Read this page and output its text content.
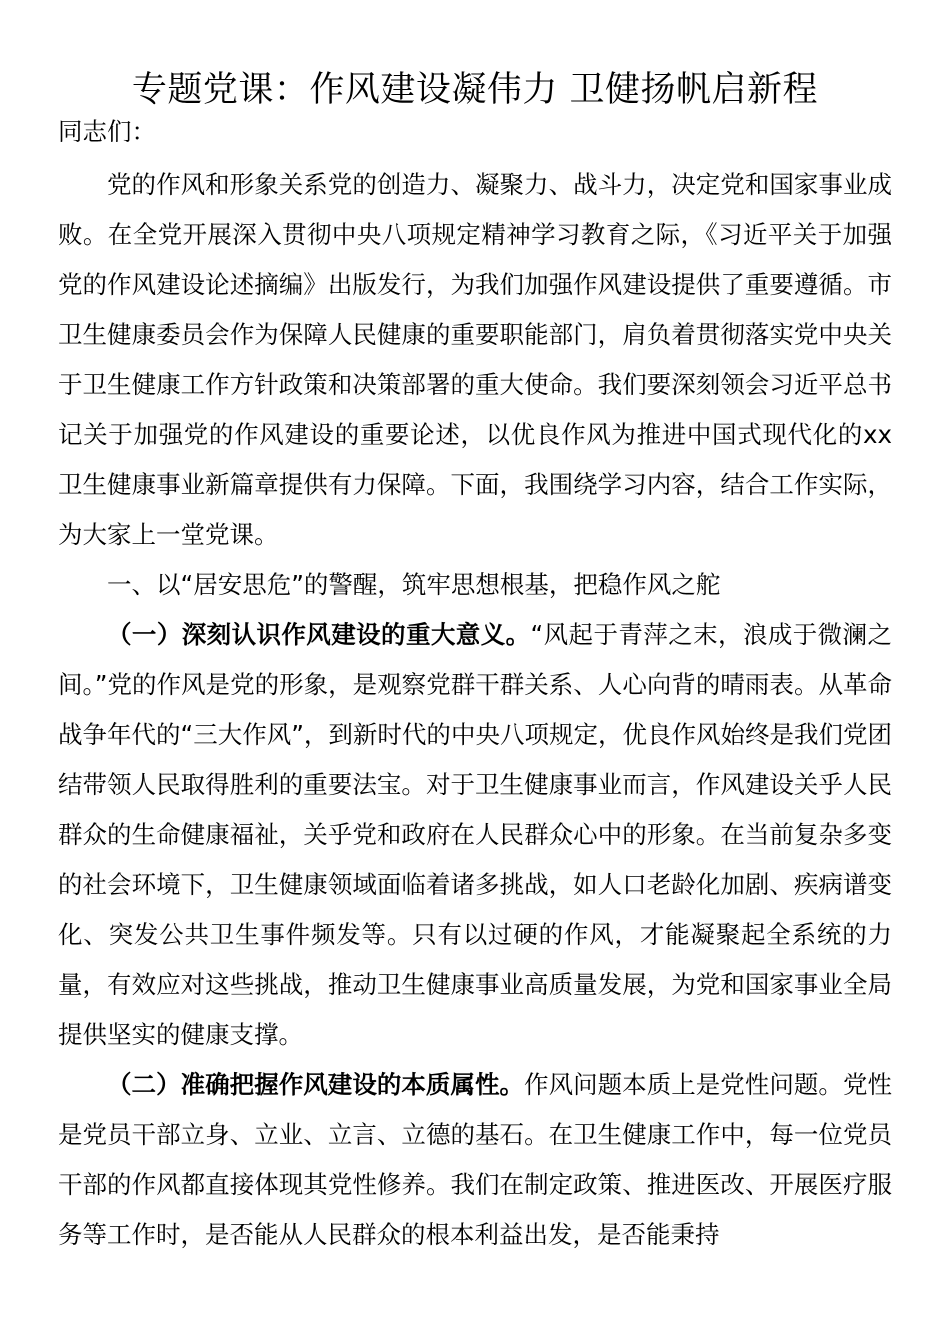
专题党课：作风建设凝伟力 卫健扬帆启新程

同志们：

党的作风和形象关系党的创造力、凝聚力、战斗力，决定党和国家事业成败。在全党开展深入贯彻中央八项规定精神学习教育之际，《习近平关于加强党的作风建设论述摘编》出版发行，为我们加强作风建设提供了重要遵循。市卫生健康委员会作为保障人民健康的重要职能部门，肩负着贯彻落实党中央关于卫生健康工作方针政策和决策部署的重大使命。我们要深刻领会习近平总书记关于加强党的作风建设的重要论述，以优良作风为推进中国式现代化的xx卫生健康事业新篇章提供有力保障。下面，我围绕学习内容，结合工作实际，为大家上一堂党课。

一、以“居安思危”的警醒，筑牢思想根基，把稳作风之舵

（一）深刻认识作风建设的重大意义。“风起于青萍之末，浪成于微澜之间。”党的作风是党的形象，是观察党群干群关系、人心向背的晴雨表。从革命战争年代的“三大作风”，到新时代的中央八项规定，优良作风始终是我们党团结带领人民取得胜利的重要法宝。对于卫生健康事业而言，作风建设关乎人民群众的生命健康福祉，关乎党和政府在人民群众心中的形象。在当前复杂多变的社会环境下，卫生健康领域面临着诸多挑战，如人口老龄化加剧、疾病谱变化、突发公共卫生事件频发等。只有以过硬的作风，才能凝聚起全系统的力量，有效应对这些挑战，推动卫生健康事业高质量发展，为党和国家事业全局提供坚实的健康支撑。

（二）准确把握作风建设的本质属性。作风问题本质上是党性问题。党性是党员干部立身、立业、立言、立德的基石。在卫生健康工作中，每一位党员干部的作风都直接体现其党性修养。我们在制定政策、推进医改、开展医疗服务等工作时，是否能从人民群众的根本利益出发，是否能秉持
